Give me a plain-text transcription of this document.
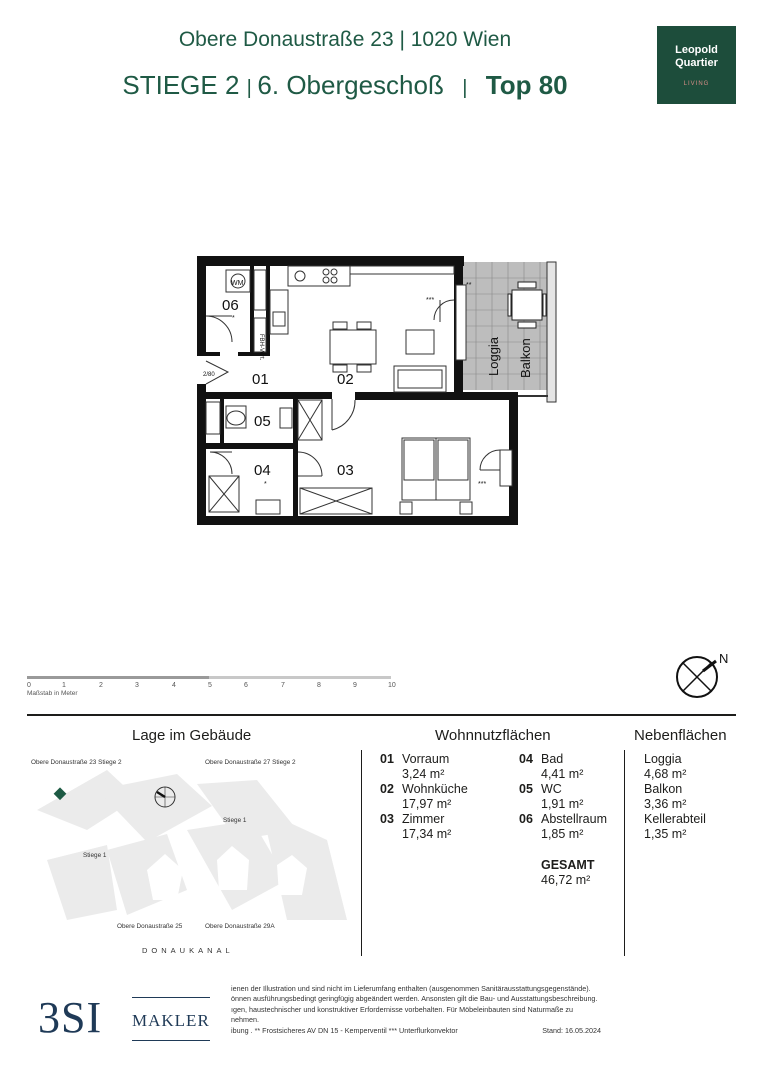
Obere Donaustraße 23 | 1020 Wien
STIEGE 2 | 6. Obergeschoß   |   Top 80
Leopold
Quartier
LIVING
06
01	02
05
04	03
WM
FBH-Vert.
2/80
***
**
***
*
*
Loggia Balkon
0	1	2	3	4	5	6	7	8	9	10
Maßstab in Meter
N
Lage im Gebäude	Wohnnutzflächen	Nebenflächen
Obere Donaustraße 23 Stiege 2	Obere Donaustraße 27 Stiege 2
Stiege 1
Stiege 1
Obere Donaustraße 25	Obere Donaustraße 29A
DONAUKANAL
01 Vorraum
3,24 m²
02 Wohnküche
17,97 m²
03 Zimmer
17,34 m²
04 Bad
4,41 m²
05 WC
1,91 m²
06 Abstellraum
1,85 m²
GESAMT
46,72 m²
Loggia
4,68 m²
Balkon
3,36 m²
Kellerabteil
1,35 m²
3SI MAKLER
ienen der Illustration und sind nicht im Lieferumfang enthalten (ausgenommen Sanitärausstattungsgegenstände).
önnen ausführungsbedingt geringfügig abgeändert werden. Ansonsten gilt die Bau- und Ausstattungsbeschreibung.
ıgen, haustechnischer und konstruktiver Erfordernisse vorbehalten. Für Möbeleinbauten sind Naturmaße zu nehmen.
ibung . ** Frostsicheres AV DN 15 - Kemperventil *** Unterflurkonvektor	Stand: 16.05.2024
